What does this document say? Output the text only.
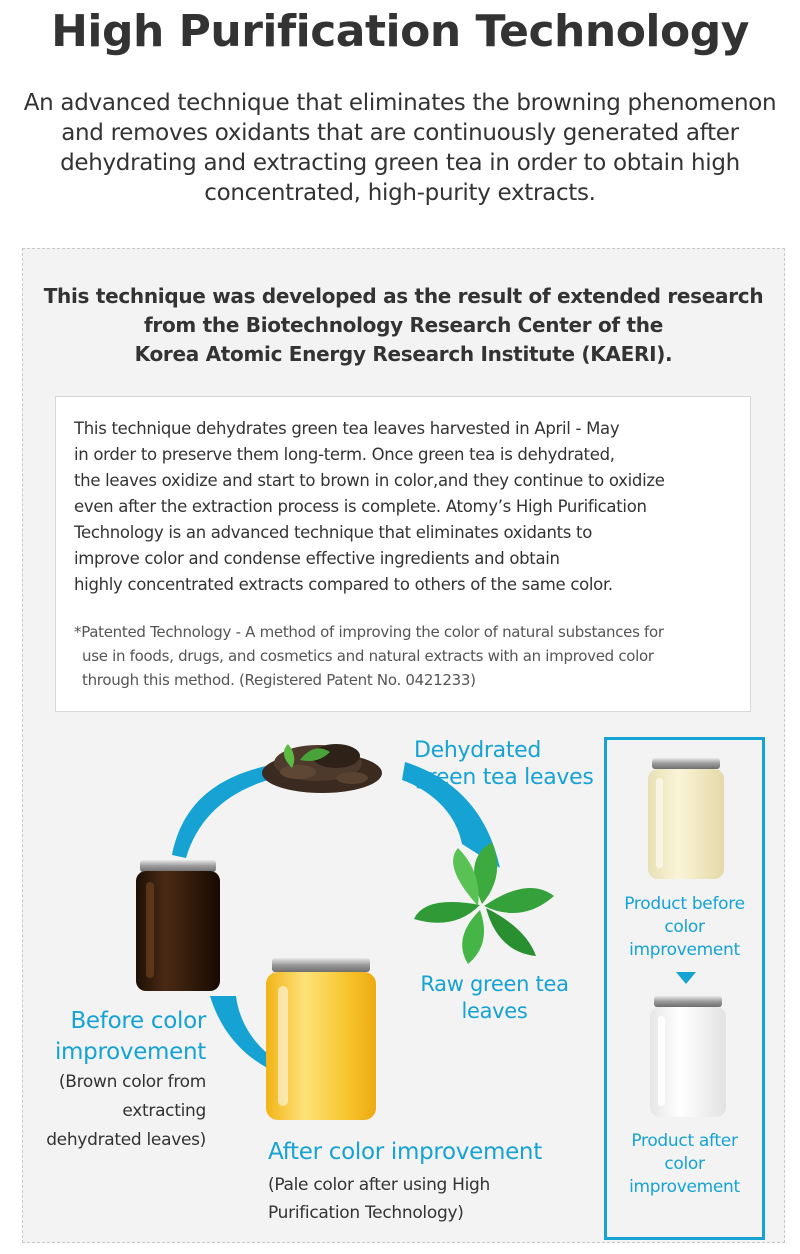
High Purification Technology
An advanced technique that eliminates the browning phenomenon
and removes oxidants that are continuously generated after
dehydrating and extracting green tea in order to obtain high
concentrated, high-purity extracts.
This technique was developed as the result of extended research
from the Biotechnology Research Center of the
Korea Atomic Energy Research Institute (KAERI).
This technique dehydrates green tea leaves harvested in April - May
in order to preserve them long-term. Once green tea is dehydrated,
the leaves oxidize and start to brown in color,and they continue to oxidize
even after the extraction process is complete. Atomy’s High Purification
Technology is an advanced technique that eliminates oxidants to
improve color and condense effective ingredients and obtain
highly concentrated extracts compared to others of the same color.
*Patented Technology - A method of improving the color of natural substances for
use in foods, drugs, and cosmetics and natural extracts with an improved color
through this method. (Registered Patent No. 0421233)
Dehydrated
green tea leaves
Raw green tea
leaves
Before color
improvement
(Brown color from
extracting
dehydrated leaves)	After color improvement
(Pale color after using High
Purification Technology)
Product before
color
improvement
Product after
color
improvement
